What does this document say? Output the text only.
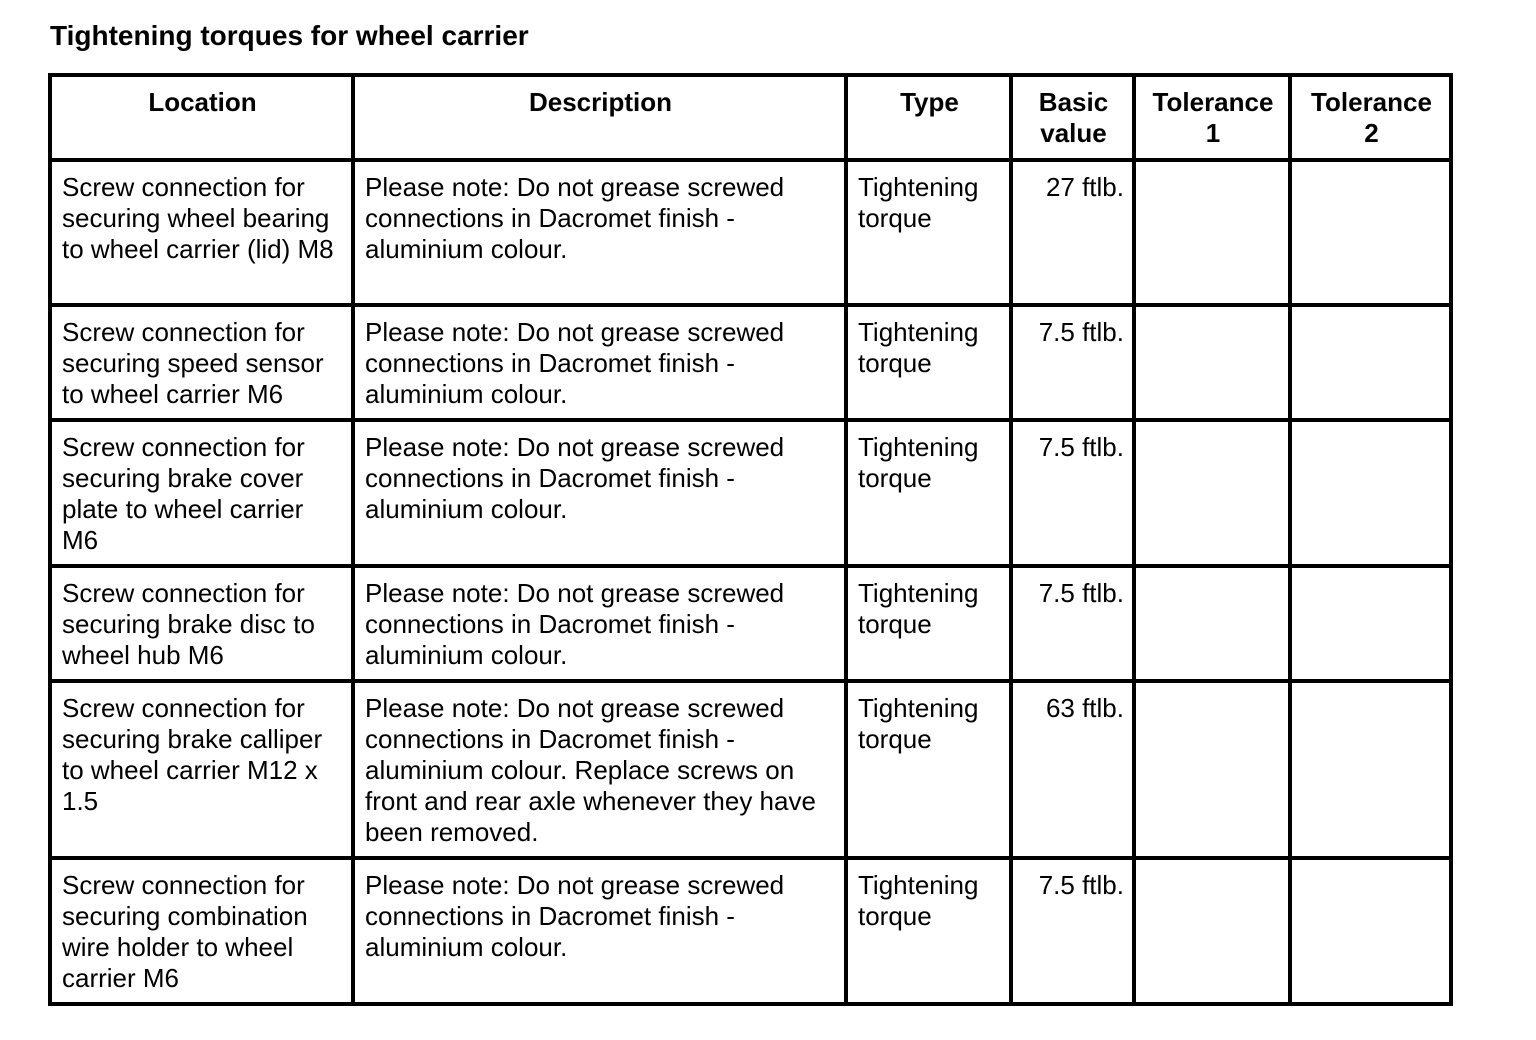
Tightening torques for wheel carrier
Location	Description	Type	Basic value	Tolerance 1	Tolerance 2
Screw connection for securing wheel bearing to wheel carrier (lid) M8	Please note: Do not grease screwed connections in Dacromet finish - aluminium colour.	Tightening torque	27 ftlb.		
Screw connection for securing speed sensor to wheel carrier M6	Please note: Do not grease screwed connections in Dacromet finish - aluminium colour.	Tightening torque	7.5 ftlb.		
Screw connection for securing brake cover plate to wheel carrier M6	Please note: Do not grease screwed connections in Dacromet finish - aluminium colour.	Tightening torque	7.5 ftlb.		
Screw connection for securing brake disc to wheel hub M6	Please note: Do not grease screwed connections in Dacromet finish - aluminium colour.	Tightening torque	7.5 ftlb.		
Screw connection for securing brake calliper to wheel carrier M12 x 1.5	Please note: Do not grease screwed connections in Dacromet finish - aluminium colour. Replace screws on front and rear axle whenever they have been removed.	Tightening torque	63 ftlb.		
Screw connection for securing combination wire holder to wheel carrier M6	Please note: Do not grease screwed connections in Dacromet finish - aluminium colour.	Tightening torque	7.5 ftlb.		
